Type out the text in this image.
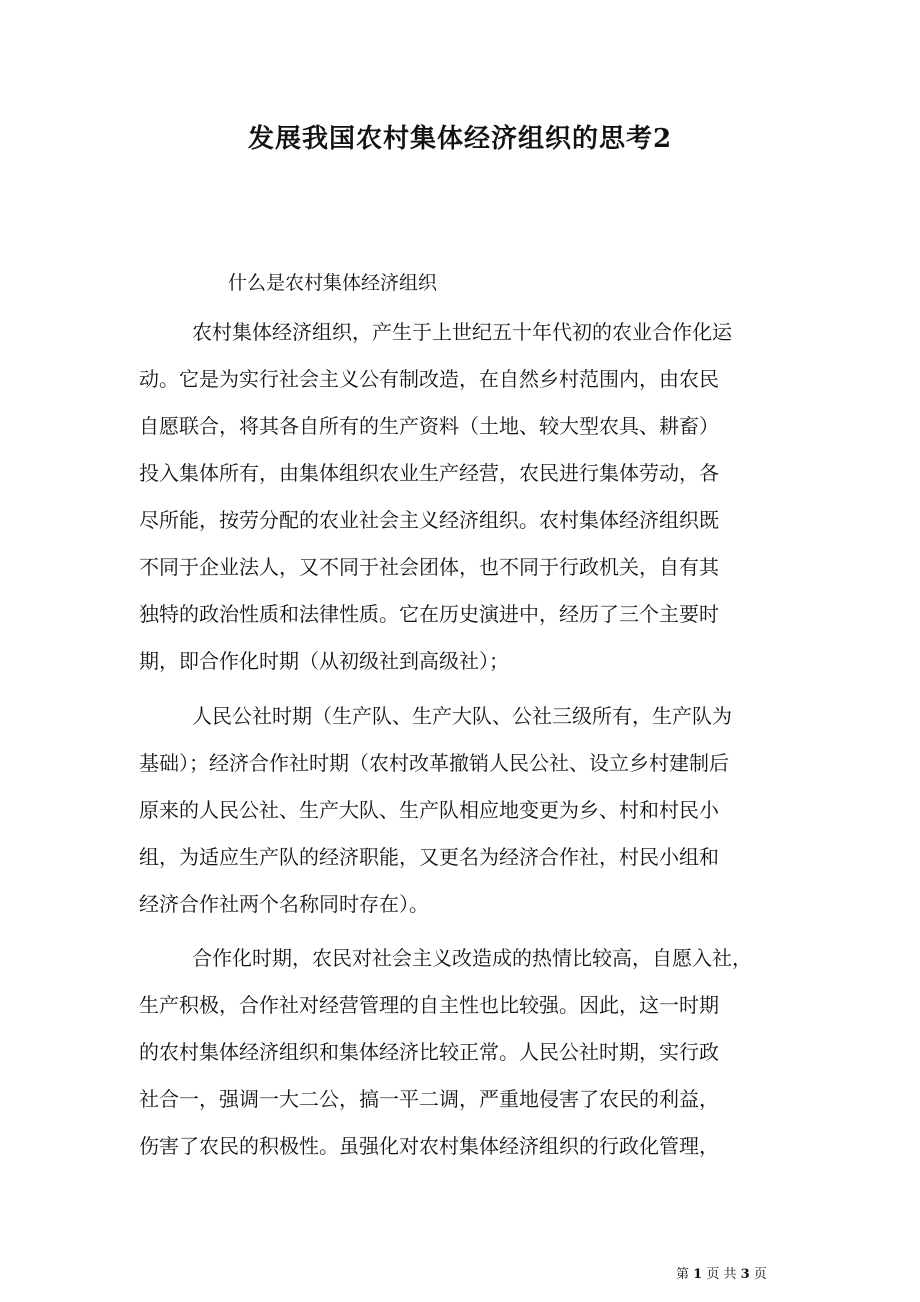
发展我国农村集体经济组织的思考2
什么是农村集体经济组织
农村集体经济组织，产生于上世纪五十年代初的农业合作化运
动。它是为实行社会主义公有制改造，在自然乡村范围内，由农民
自愿联合，将其各自所有的生产资料（土地、较大型农具、耕畜）
投入集体所有，由集体组织农业生产经营，农民进行集体劳动，各
尽所能，按劳分配的农业社会主义经济组织。农村集体经济组织既
不同于企业法人，又不同于社会团体，也不同于行政机关，自有其
独特的政治性质和法律性质。它在历史演进中，经历了三个主要时
期，即合作化时期（从初级社到高级社）；
人民公社时期（生产队、生产大队、公社三级所有，生产队为
基础）；经济合作社时期（农村改革撤销人民公社、设立乡村建制后
原来的人民公社、生产大队、生产队相应地变更为乡、村和村民小
组，为适应生产队的经济职能，又更名为经济合作社，村民小组和
经济合作社两个名称同时存在）。
合作化时期，农民对社会主义改造成的热情比较高，自愿入社，
生产积极，合作社对经营管理的自主性也比较强。因此，这一时期
的农村集体经济组织和集体经济比较正常。人民公社时期，实行政
社合一，强调一大二公，搞一平二调，严重地侵害了农民的利益，
伤害了农民的积极性。虽强化对农村集体经济组织的行政化管理，
第 1 页 共 3 页
